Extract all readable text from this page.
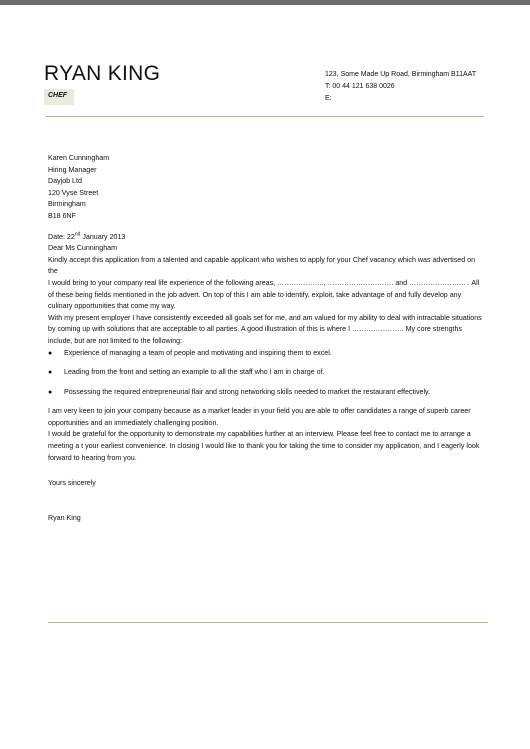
RYAN KING
CHEF
123, Some Made Up Road, Birmingham B11AAT
T: 00 44 121 638 0026
E:
Karen Cunningham
Hiring Manager
Dayjob Ltd
120 Vyse Street
Birmingham
B18 6NF

Date: 22nd January 2013

Dear Ms Cunningham

Kindly accept this application from a talented and capable applicant who wishes to apply for your Chef vacancy which was advertised on the

I would bring to your company real life experience of the following areas, ……………….., ………………………. and …………………… . All of these being fields mentioned in the job advert. On top of this I am able to identify, exploit, take advantage of and fully develop any culinary opportunities that come my way.

With my present employer I have consistently exceeded all goals set for me, and am valued for my ability to deal with intractable situations by coming up with solutions that are acceptable to all parties. A good illustration of this is where I …………………. My core strengths include, but are not limited to the following:

● Experience of managing a team of people and motivating and inspiring them to excel.
● Leading from the front and setting an example to all the staff who I am in charge of.
● Possessing the required entrepreneurial flair and strong networking skills needed to market the restaurant effectively.

I am very keen to join your company because as a market leader in your field you are able to offer candidates a range of superb career opportunities and an immediately challenging position.

I would be grateful for the opportunity to demonstrate my capabilities further at an interview. Please feel free to contact me to arrange a meeting a t your earliest convenience. In closing I would like to thank you for taking the time to consider my application, and I eagerly look forward to hearing from you.

Yours sincerely

Ryan King
